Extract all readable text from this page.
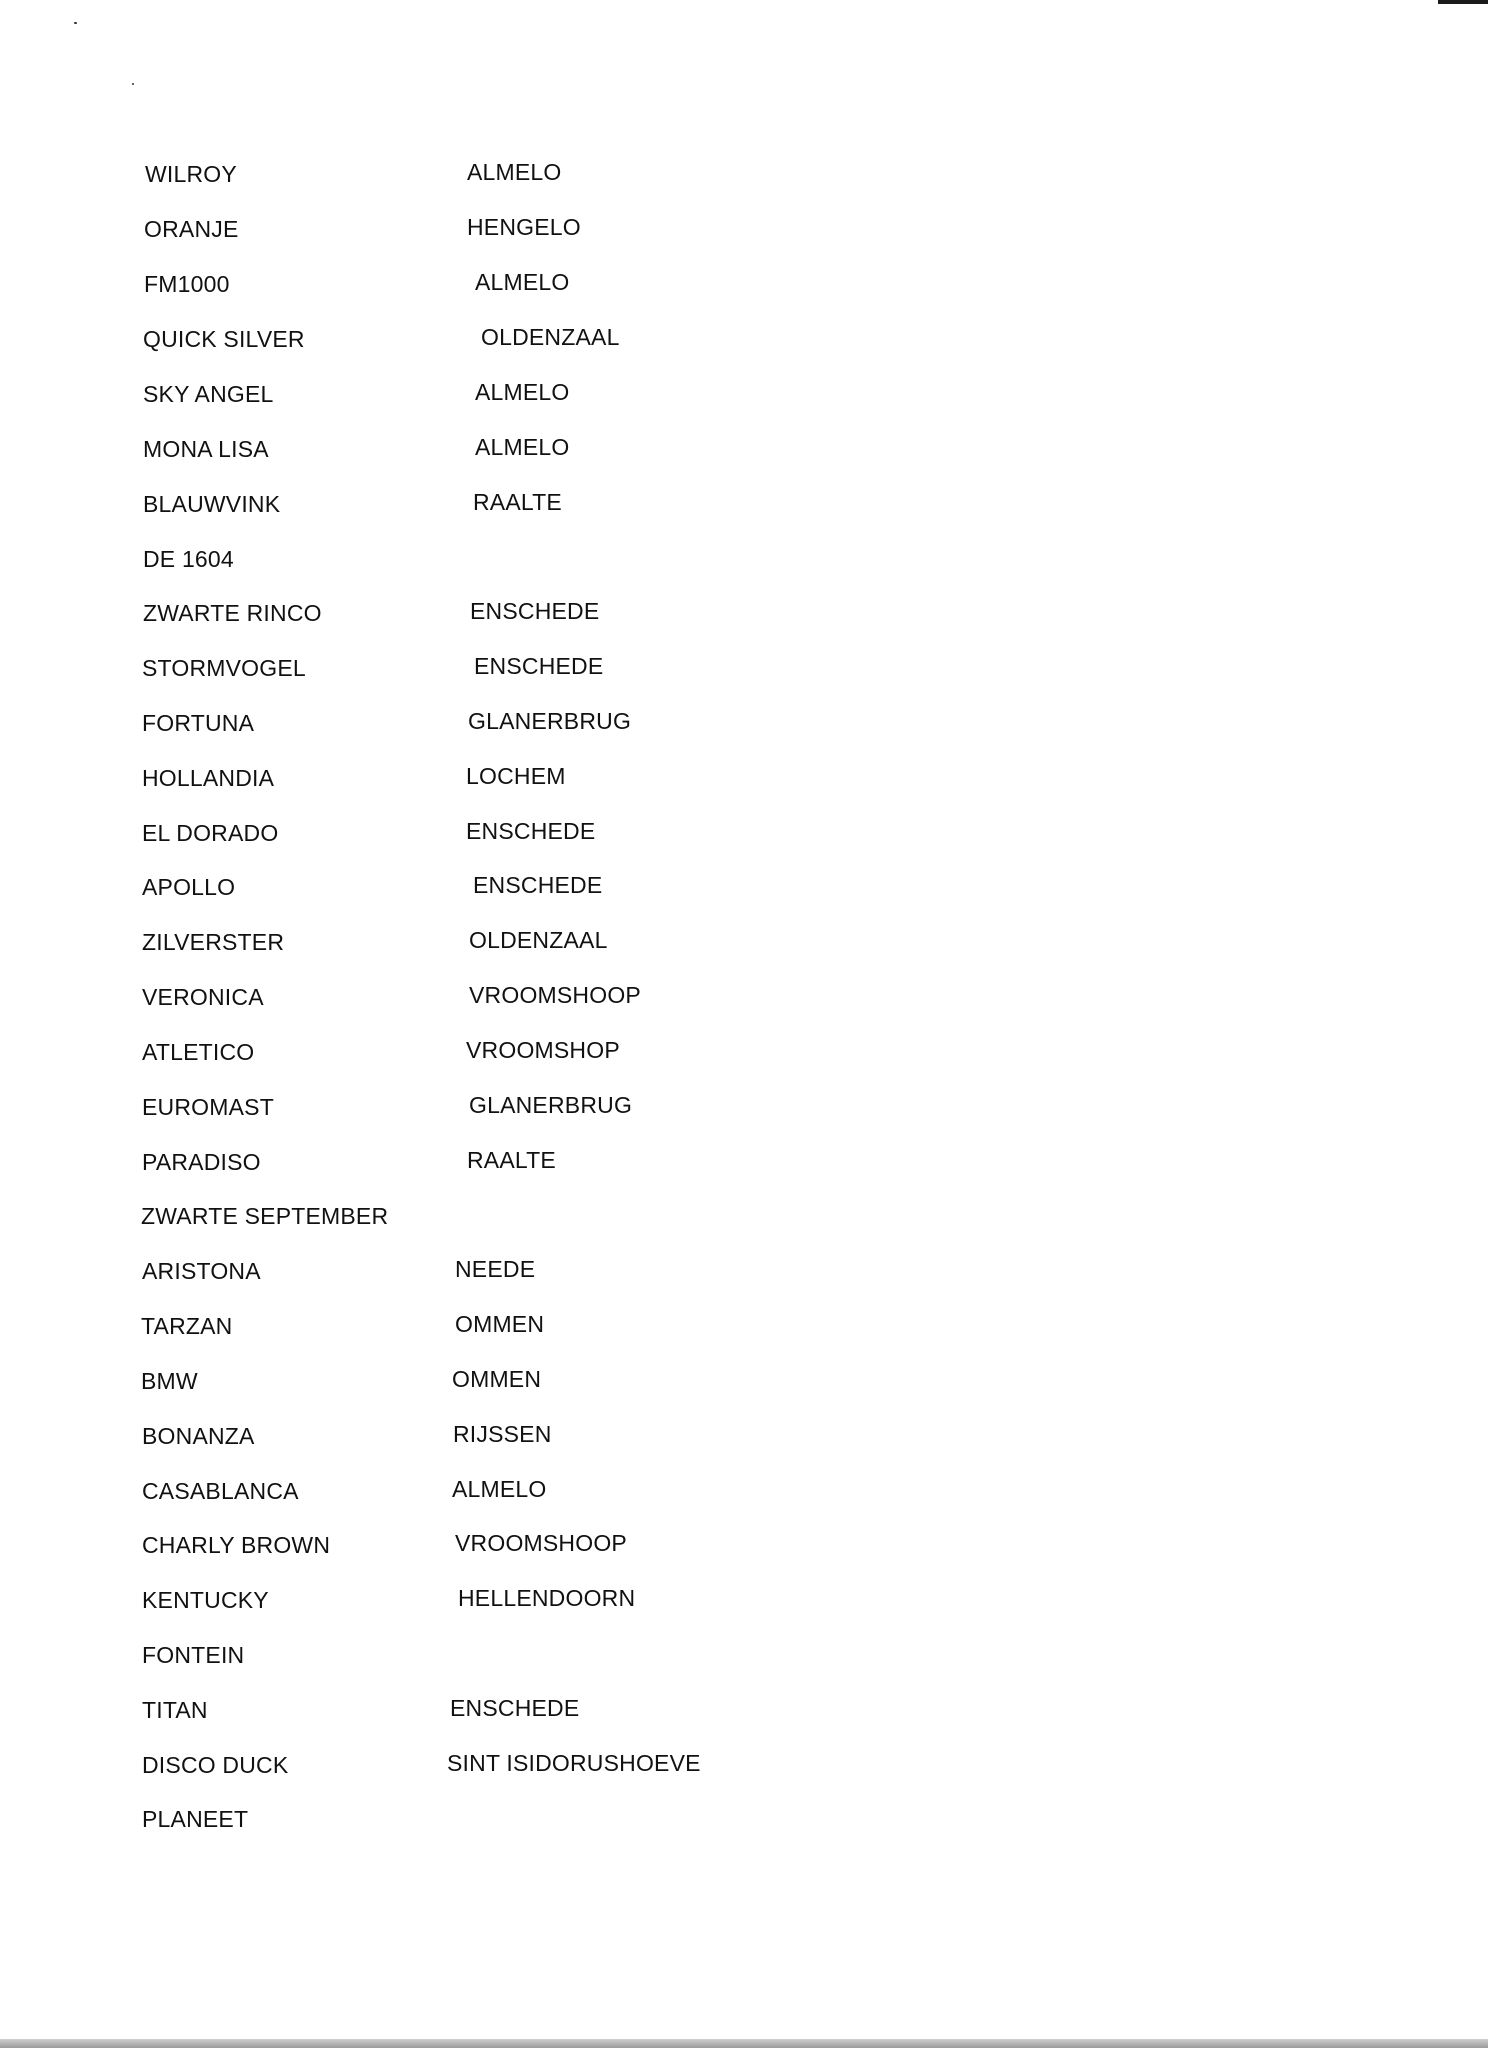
WILROY	ALMELO
ORANJE	HENGELO
FM1000	ALMELO
QUICK SILVER	OLDENZAAL
SKY ANGEL	ALMELO
MONA LISA	ALMELO
BLAUWVINK	RAALTE
DE 1604
ZWARTE RINCO	ENSCHEDE
STORMVOGEL	ENSCHEDE
FORTUNA	GLANERBRUG
HOLLANDIA	LOCHEM
EL DORADO	ENSCHEDE
APOLLO	ENSCHEDE
ZILVERSTER	OLDENZAAL
VERONICA	VROOMSHOOP
ATLETICO	VROOMSHOP
EUROMAST	GLANERBRUG
PARADISO	RAALTE
ZWARTE SEPTEMBER
ARISTONA	NEEDE
TARZAN	OMMEN
BMW	OMMEN
BONANZA	RIJSSEN
CASABLANCA	ALMELO
CHARLY BROWN	VROOMSHOOP
KENTUCKY	HELLENDOORN
FONTEIN
TITAN	ENSCHEDE
DISCO DUCK	SINT ISIDORUSHOEVE
PLANEET
